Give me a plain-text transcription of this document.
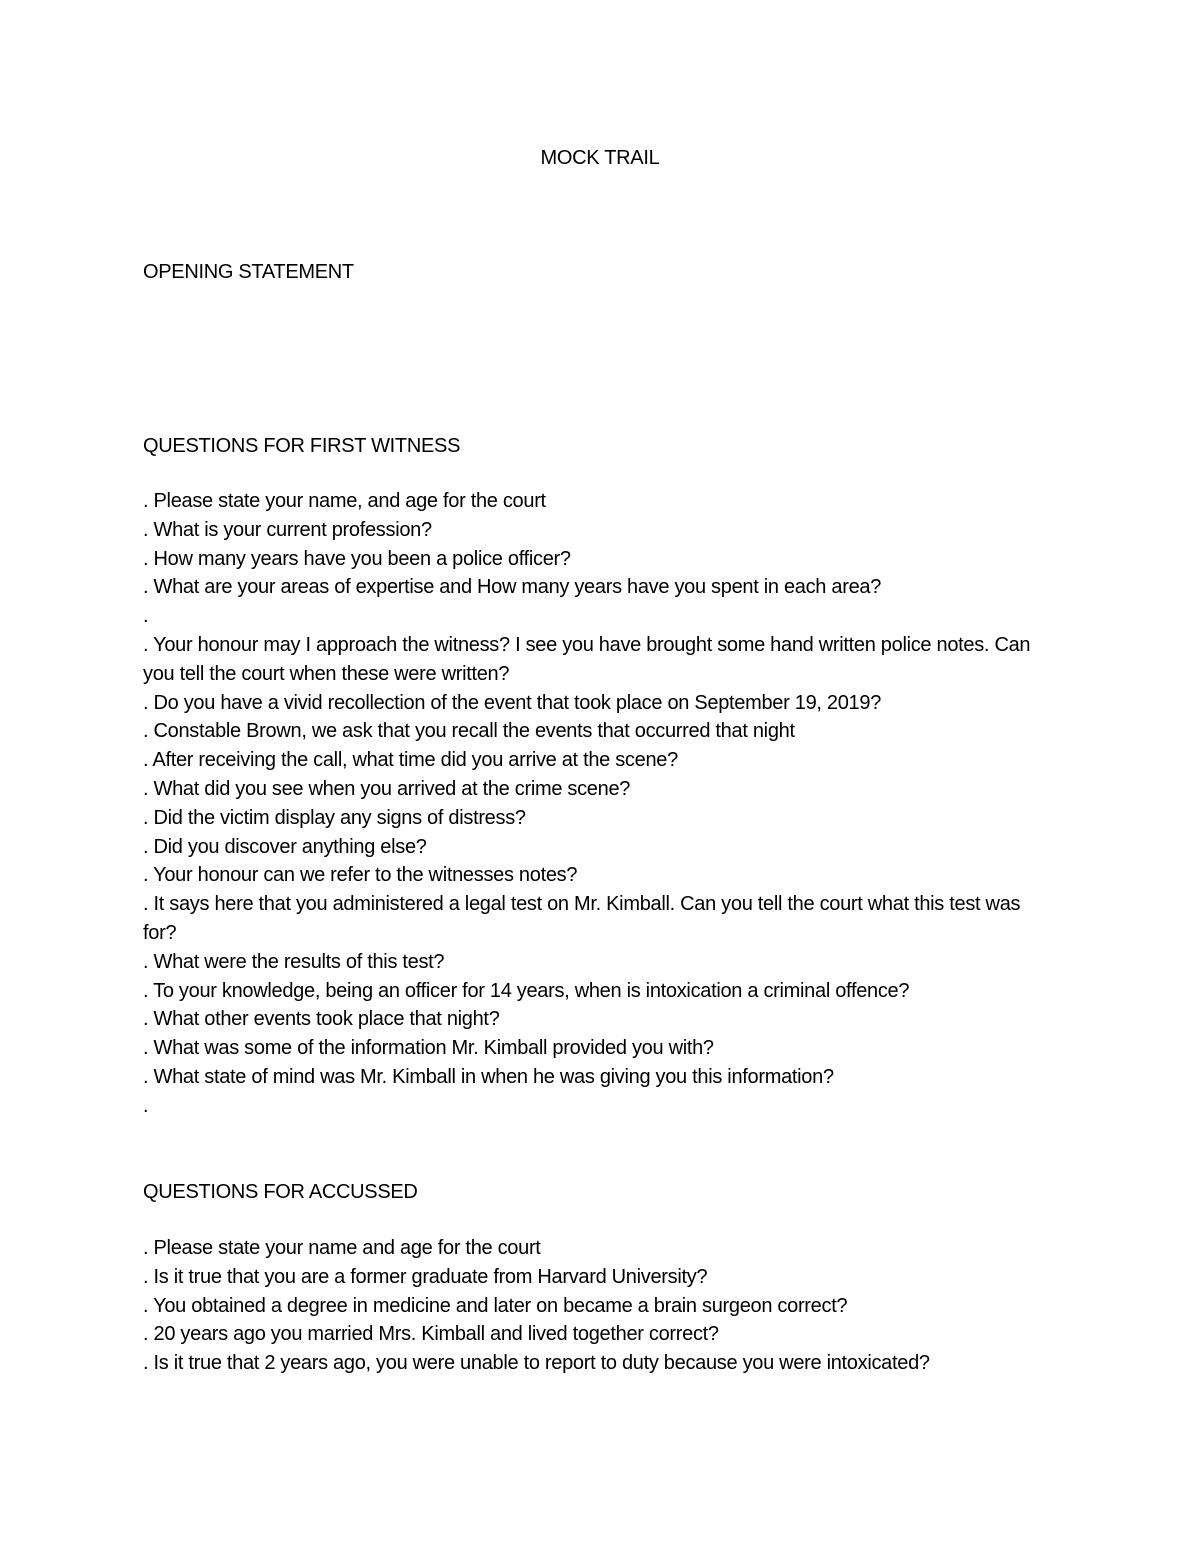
MOCK TRAIL
OPENING STATEMENT
QUESTIONS FOR FIRST WITNESS
. Please state your name, and age for the court
. What is your current profession?
. How many years have you been a police officer?
. What are your areas of expertise and How many years have you spent in each area?
.
. Your honour may I approach the witness? I see you have brought some hand written police notes. Can you tell the court when these were written?
. Do you have a vivid recollection of the event that took place on September 19, 2019?
. Constable Brown, we ask that you recall the events that occurred that night
. After receiving the call, what time did you arrive at the scene?
. What did you see when you arrived at the crime scene?
. Did the victim display any signs of distress?
. Did you discover anything else?
. Your honour can we refer to the witnesses notes?
. It says here that you administered a legal test on Mr. Kimball. Can you tell the court what this test was for?
. What were the results of this test?
. To your knowledge, being an officer for 14 years, when is intoxication a criminal offence?
. What other events took place that night?
. What was some of the information Mr. Kimball provided you with?
. What state of mind was Mr. Kimball in when he was giving you this information?
.
QUESTIONS FOR ACCUSSED
. Please state your name and age for the court
. Is it true that you are a former graduate from Harvard University?
. You obtained a degree in medicine and later on became a brain surgeon correct?
. 20 years ago you married Mrs. Kimball and lived together correct?
. Is it true that 2 years ago, you were unable to report to duty because you were intoxicated?
